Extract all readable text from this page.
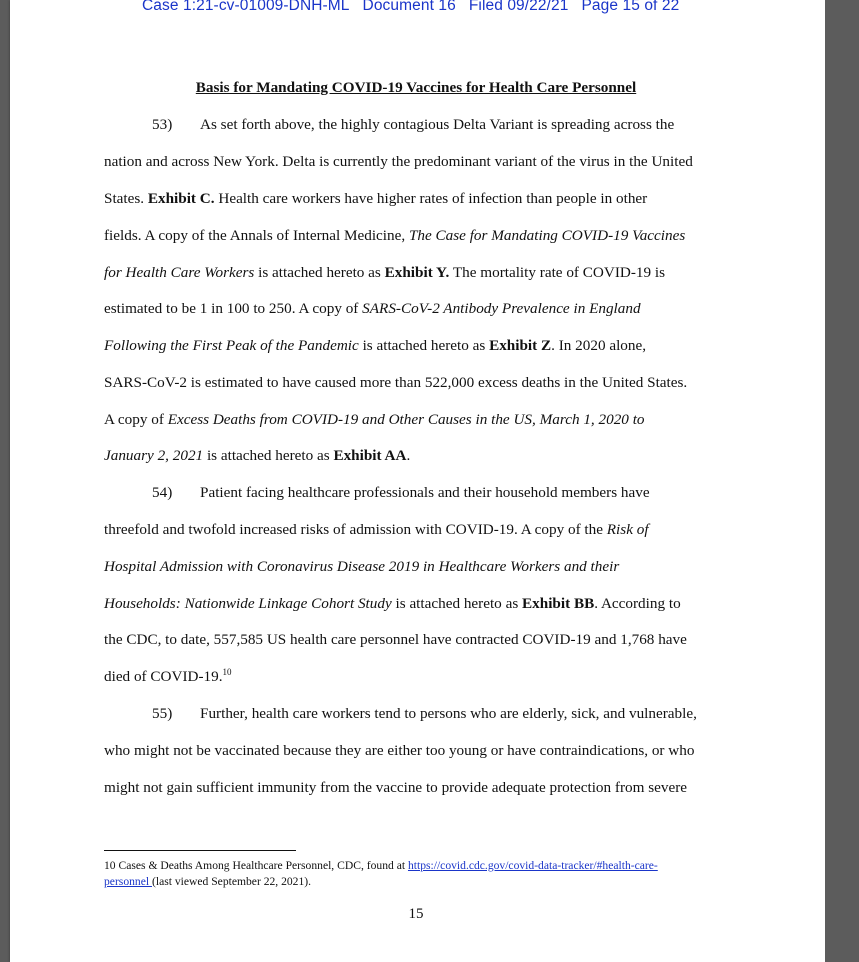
Case 1:21-cv-01009-DNH-ML Document 16 Filed 09/22/21 Page 15 of 22
Basis for Mandating COVID-19 Vaccines for Health Care Personnel
53) As set forth above, the highly contagious Delta Variant is spreading across the
nation and across New York. Delta is currently the predominant variant of the virus in the United
States. Exhibit C. Health care workers have higher rates of infection than people in other
fields. A copy of the Annals of Internal Medicine, The Case for Mandating COVID-19 Vaccines
for Health Care Workers is attached hereto as Exhibit Y. The mortality rate of COVID-19 is
estimated to be 1 in 100 to 250. A copy of SARS-CoV-2 Antibody Prevalence in England
Following the First Peak of the Pandemic is attached hereto as Exhibit Z. In 2020 alone,
SARS-CoV-2 is estimated to have caused more than 522,000 excess deaths in the United States.
A copy of Excess Deaths from COVID-19 and Other Causes in the US, March 1, 2020 to
January 2, 2021 is attached hereto as Exhibit AA.
54) Patient facing healthcare professionals and their household members have
threefold and twofold increased risks of admission with COVID-19. A copy of the Risk of
Hospital Admission with Coronavirus Disease 2019 in Healthcare Workers and their
Households: Nationwide Linkage Cohort Study is attached hereto as Exhibit BB. According to
the CDC, to date, 557,585 US health care personnel have contracted COVID-19 and 1,768 have
died of COVID-19.10
55) Further, health care workers tend to persons who are elderly, sick, and vulnerable,
who might not be vaccinated because they are either too young or have contraindications, or who
might not gain sufficient immunity from the vaccine to provide adequate protection from severe
10 Cases & Deaths Among Healthcare Personnel, CDC, found at https://covid.cdc.gov/covid-data-tracker/#health-care-
personnel (last viewed September 22, 2021).
15
